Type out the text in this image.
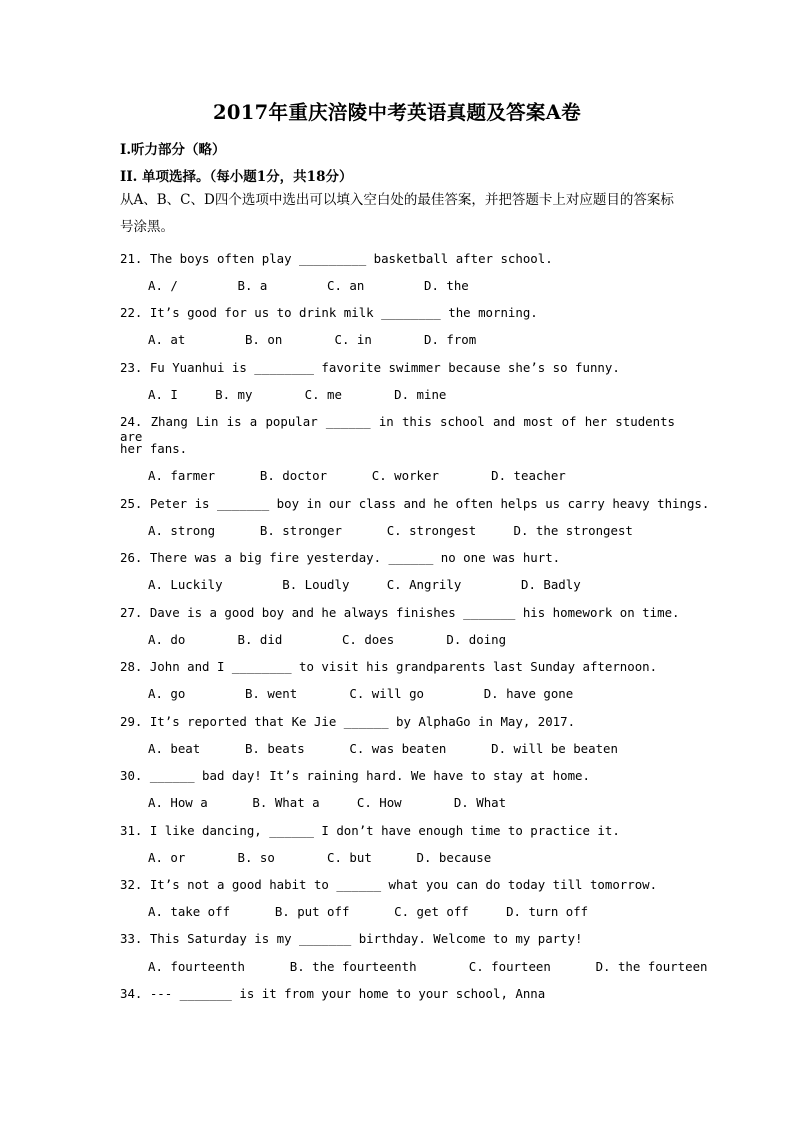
2017年重庆涪陵中考英语真题及答案A卷
I.听力部分（略）
II. 单项选择。（每小题1分，共18分）
从A、B、C、D四个选项中选出可以填入空白处的最佳答案，并把答题卡上对应题目的答案标号涂黑。
21. The boys often play _________ basketball after school.
A. /        B. a        C. an        D. the
22. It’s good for us to drink milk ________ the morning.
A. at        B. on       C. in       D. from
23. Fu Yuanhui is ________ favorite swimmer because she’s so funny.
A. I     B. my       C. me       D. mine
24. Zhang Lin is a popular ______ in this school and most of her students are
her fans.
A. farmer      B. doctor      C. worker       D. teacher
25. Peter is _______ boy in our class and he often helps us carry heavy things.
A. strong      B. stronger      C. strongest     D. the strongest
26. There was a big fire yesterday. ______ no one was hurt.
A. Luckily        B. Loudly     C. Angrily        D. Badly
27. Dave is a good boy and he always finishes _______ his homework on time.
A. do       B. did        C. does       D. doing
28. John and I ________ to visit his grandparents last Sunday afternoon.
A. go        B. went       C. will go        D. have gone
29. It’s reported that Ke Jie ______ by AlphaGo in May, 2017.
A. beat      B. beats      C. was beaten      D. will be beaten
30. ______ bad day! It’s raining hard. We have to stay at home.
A. How a      B. What a     C. How       D. What
31. I like dancing, ______ I don’t have enough time to practice it.
A. or       B. so       C. but      D. because
32. It’s not a good habit to ______ what you can do today till tomorrow.
A. take off      B. put off      C. get off     D. turn off
33. This Saturday is my _______ birthday. Welcome to my party!
A. fourteenth      B. the fourteenth       C. fourteen      D. the fourteen
34. --- _______ is it from your home to your school, Anna
